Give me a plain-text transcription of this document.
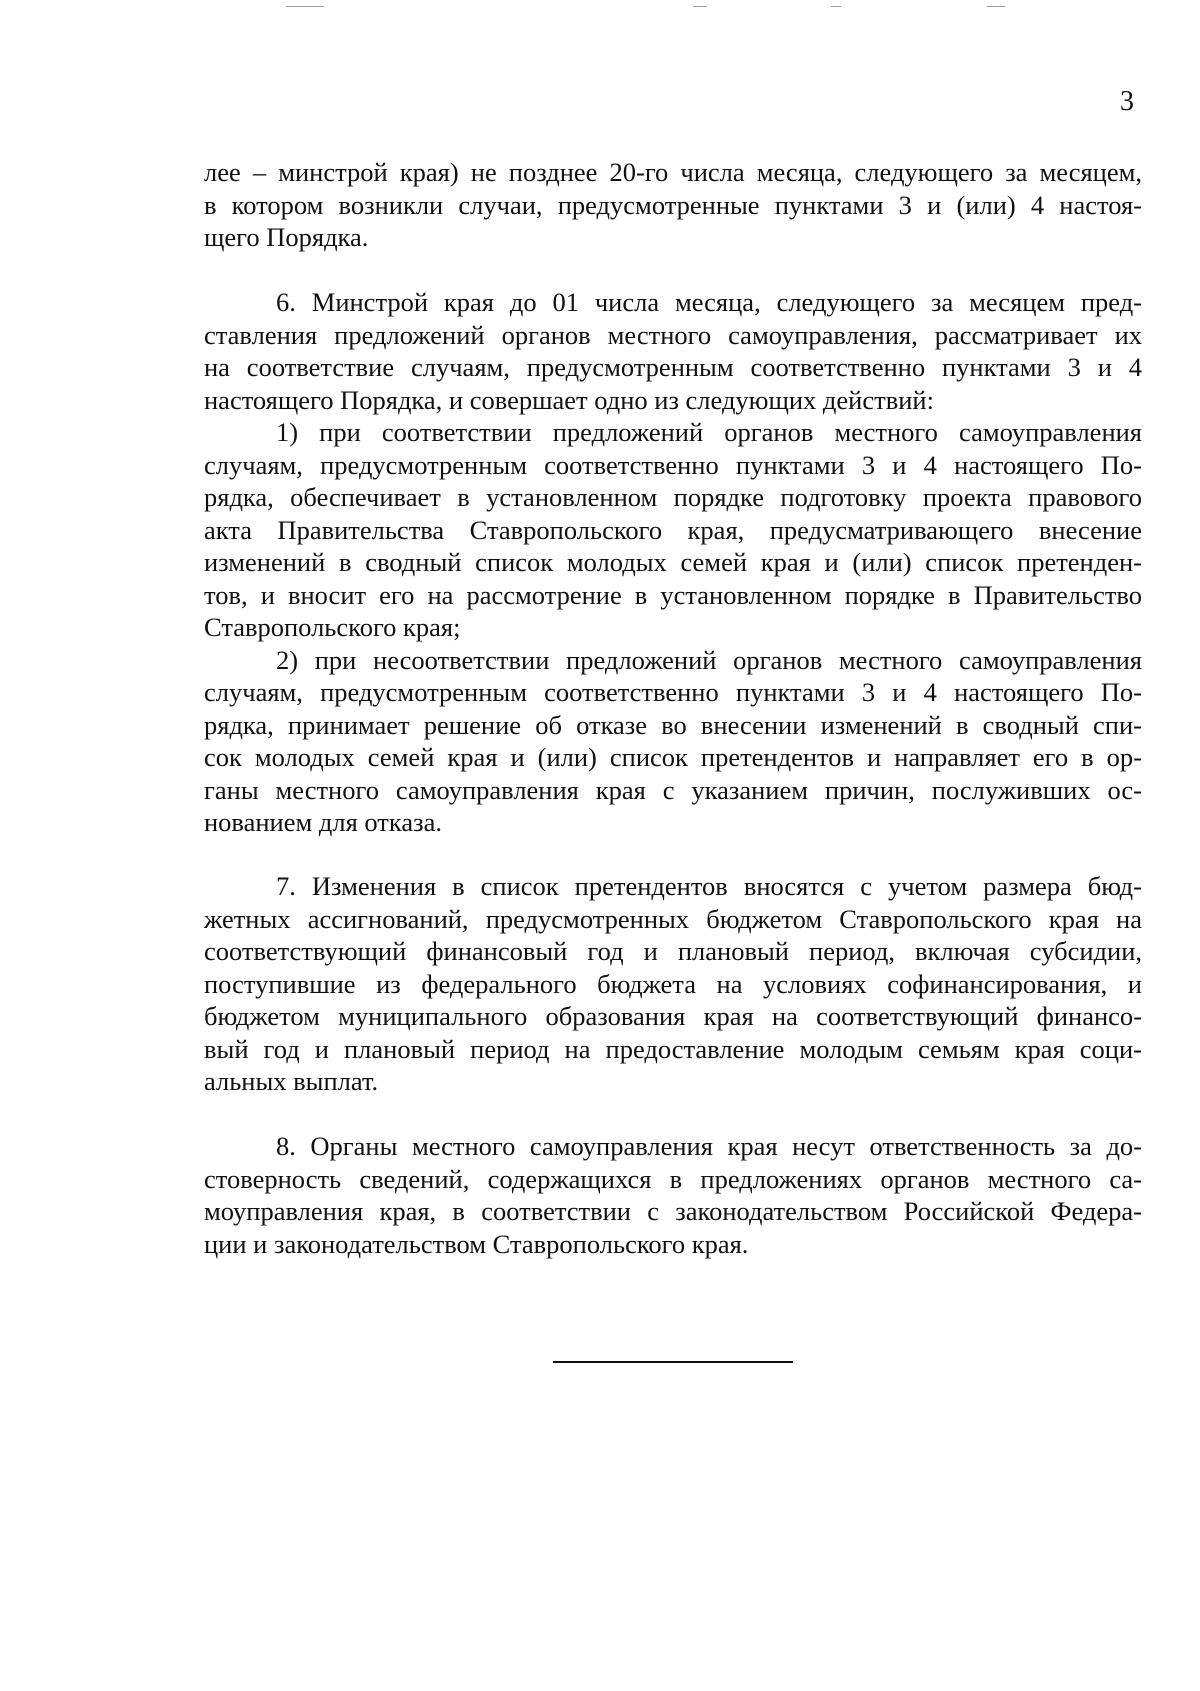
3
лее – минстрой края) не позднее 20-го числа месяца, следующего за месяцем,
в котором возникли случаи, предусмотренные пунктами 3 и (или) 4 настоя-
щего Порядка.
6. Минстрой края до 01 числа месяца, следующего за месяцем пред-
ставления предложений органов местного самоуправления, рассматривает их
на соответствие случаям, предусмотренным соответственно пунктами 3 и 4
настоящего Порядка, и совершает одно из следующих действий:
1) при соответствии предложений органов местного самоуправления
случаям, предусмотренным соответственно пунктами 3 и 4 настоящего По-
рядка, обеспечивает в установленном порядке подготовку проекта правового
акта Правительства Ставропольского края, предусматривающего внесение
изменений в сводный список молодых семей края и (или) список претенден-
тов, и вносит его на рассмотрение в установленном порядке в Правительство
Ставропольского края;
2) при несоответствии предложений органов местного самоуправления
случаям, предусмотренным соответственно пунктами 3 и 4 настоящего По-
рядка, принимает решение об отказе во внесении изменений в сводный спи-
сок молодых семей края и (или) список претендентов и направляет его в ор-
ганы местного самоуправления края с указанием причин, послуживших ос-
нованием для отказа.
7. Изменения в список претендентов вносятся с учетом размера бюд-
жетных ассигнований, предусмотренных бюджетом Ставропольского края на
соответствующий финансовый год и плановый период, включая субсидии,
поступившие из федерального бюджета на условиях софинансирования, и
бюджетом муниципального образования края на соответствующий финансо-
вый год и плановый период на предоставление молодым семьям края соци-
альных выплат.
8. Органы местного самоуправления края несут ответственность за до-
стоверность сведений, содержащихся в предложениях органов местного са-
моуправления края, в соответствии с законодательством Российской Федера-
ции и законодательством Ставропольского края.
